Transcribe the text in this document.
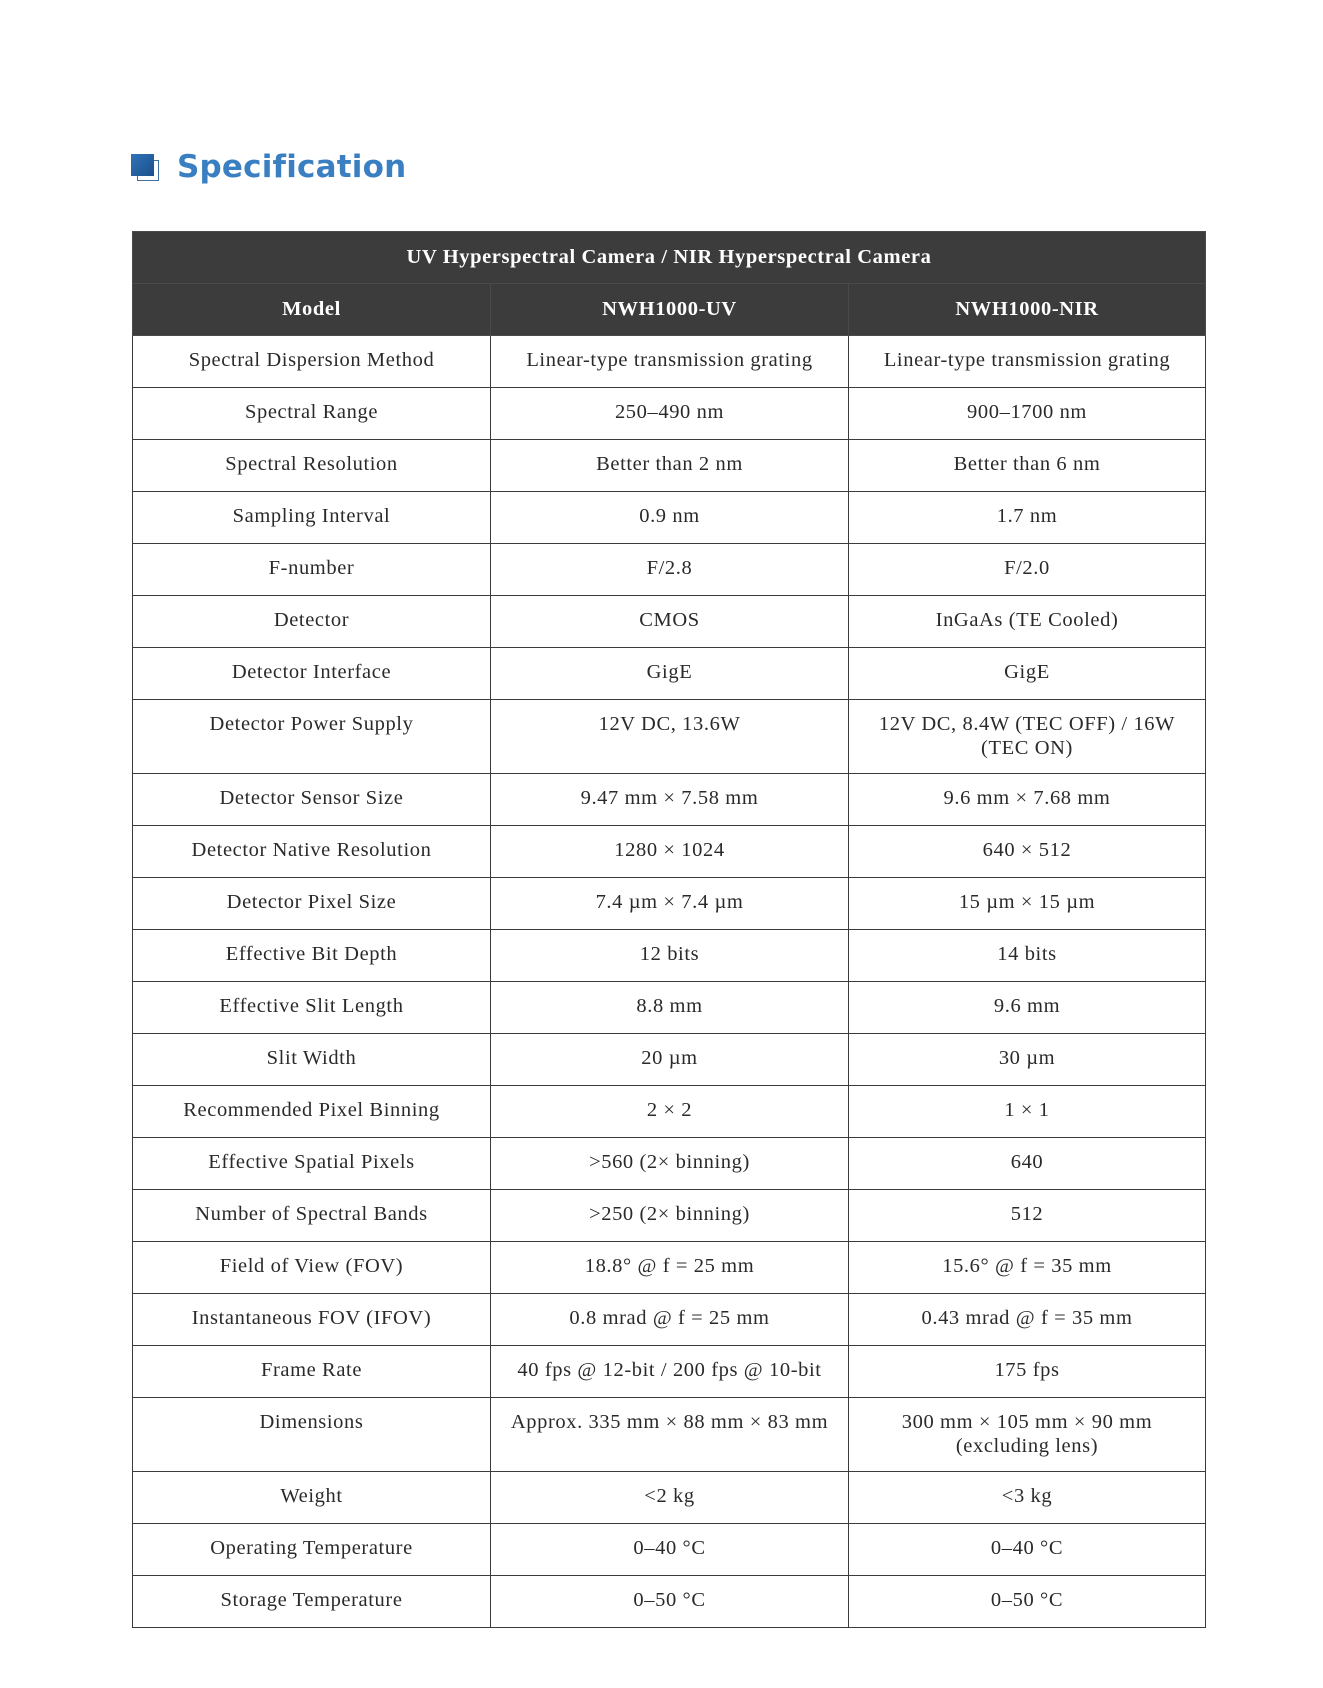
Specification
UV Hyperspectral Camera / NIR Hyperspectral Camera		
Model	NWH1000-UV	NWH1000-NIR
Spectral Dispersion Method	Linear-type transmission grating	Linear-type transmission grating
Spectral Range	250–490 nm	900–1700 nm
Spectral Resolution	Better than 2 nm	Better than 6 nm
Sampling Interval	0.9 nm	1.7 nm
F-number	F/2.8	F/2.0
Detector	CMOS	InGaAs (TE Cooled)
Detector Interface	GigE	GigE
Detector Power Supply	12V DC, 13.6W	12V DC, 8.4W (TEC OFF) / 16W (TEC ON)
Detector Sensor Size	9.47 mm × 7.58 mm	9.6 mm × 7.68 mm
Detector Native Resolution	1280 × 1024	640 × 512
Detector Pixel Size	7.4 µm × 7.4 µm	15 µm × 15 µm
Effective Bit Depth	12 bits	14 bits
Effective Slit Length	8.8 mm	9.6 mm
Slit Width	20 µm	30 µm
Recommended Pixel Binning	2 × 2	1 × 1
Effective Spatial Pixels	>560 (2× binning)	640
Number of Spectral Bands	>250 (2× binning)	512
Field of View (FOV)	18.8° @ f = 25 mm	15.6° @ f = 35 mm
Instantaneous FOV (IFOV)	0.8 mrad @ f = 25 mm	0.43 mrad @ f = 35 mm
Frame Rate	40 fps @ 12-bit / 200 fps @ 10-bit	175 fps
Dimensions	Approx. 335 mm × 88 mm × 83 mm	300 mm × 105 mm × 90 mm (excluding lens)
Weight	<2 kg	<3 kg
Operating Temperature	0–40 °C	0–40 °C
Storage Temperature	0–50 °C	0–50 °C
